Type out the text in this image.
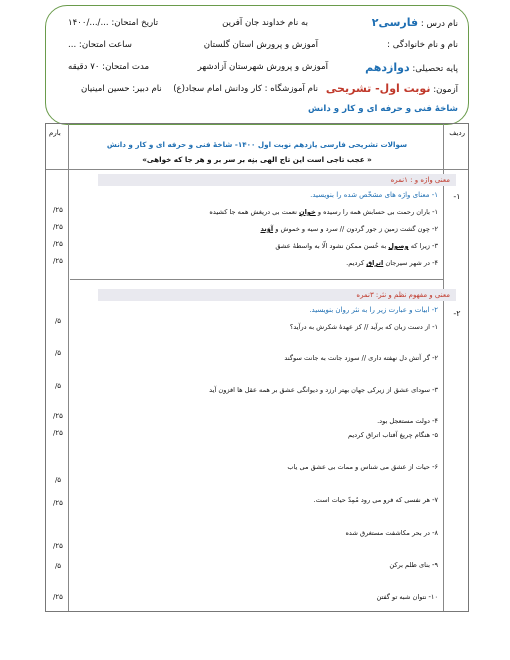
نام درس : فارسی۲
به نام خداوند جان آفرین
تاریخ امتحان: .../.../۱۴۰۰
نام و نام خانوادگی :
آموزش و پرورش استان گلستان
ساعت امتحان: ...
پایه تحصیلی: دوازدهم
آموزش و پرورش شهرستان آزادشهر
مدت امتحان: ۷۰ دقیقه
آزمون: نوبت اول- تشریحی
نام آموزشگاه : کار ودانش امام سجاد(ع)
نام دبیر: حسین امینیان
شاخۀ فنی و حرفه ای و کار و دانش
ردیف
بارم
سوالات تشریحی فارسی یازدهم نوبت اول ۱۴۰۰- شاخۀ فنی و حرفه ای و کار و دانش
« عجب تاجی است این تاج الهی بنِه بر سر بر و هر جا که خواهی»
-۱
معنی واژه و : ۱نمره
۱- معنای واژه های مشخّص شده را بنویسید.
۱- باران رحمت بی حسابش همه را رسیده و خوانِ نعمت بی دریغش همه جا کشیده
۲- چون گشت زمین ز جور گردون // سرد و سیه و خموش و آوَند
۳- زیرا که وصول به حُسن ممکن نشود الّا به واسطۀ عشق
۴- در شهر سیرجان اتراق کردیم.
/۲۵
/۲۵
/۲۵
/۲۵
-۲
معنی و مفهوم نظم و نثر: ۳نمره
۲- ابیات و عبارت زیر را به نثر روان بنویسید.
۱- از دست زبان که برآید // کز عهدۀ شکرش به درآید؟
۲- گر آتش دل نهفته داری // سوزد جانت به جانت سوگند
۳- سودای عشق از زیرکی جهان بهتر ارزد و دیوانگی عشق بر همه عقل ها افزون آید
۴- دولت مستعجل بود.
۵- هنگام چریغ آفتاب اتراق کردیم
۶- حیات از عشق می شناس و ممات بی عشق می یاب
۷- هر نفسی که فرو می رود مُمِدّ حیات است.
۸- در بحر مکاشفت مستغرق شده
۹- بنای ظلم برکن
۱۰- نتوان شبه تو گفتن
/۵
/۵
/۵
/۲۵
/۲۵
/۵
/۲۵
/۲۵
/۵
/۲۵
